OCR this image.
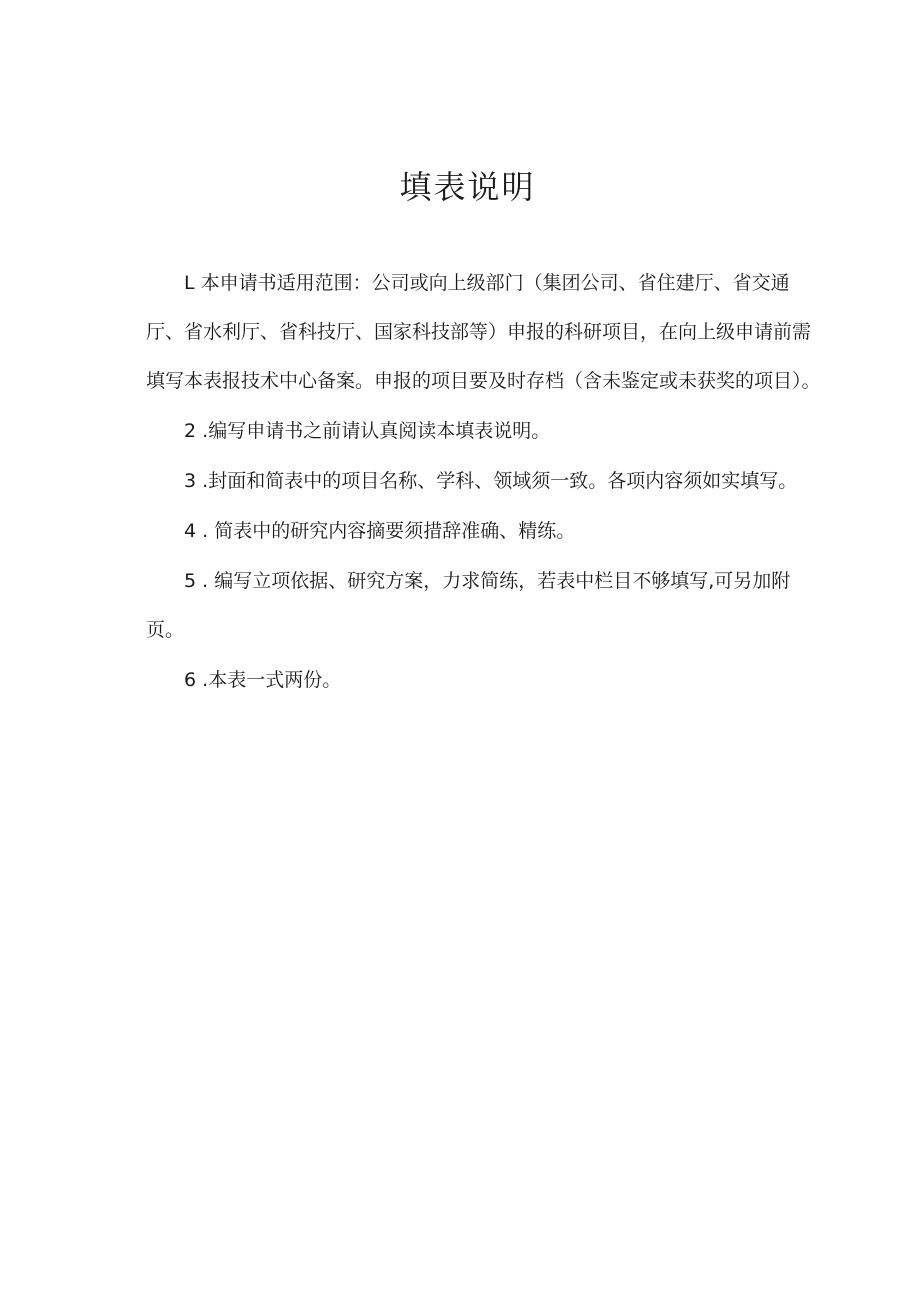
填表说明

L 本申请书适用范围：公司或向上级部门（集团公司、省住建厅、省交通厅、省水利厅、省科技厅、国家科技部等）申报的科研项目，在向上级申请前需填写本表报技术中心备案。申报的项目要及时存档（含未鉴定或未获奖的项目）。

2 .编写申请书之前请认真阅读本填表说明。

3 .封面和简表中的项目名称、学科、领域须一致。各项内容须如实填写。

4 . 简表中的研究内容摘要须措辞准确、精练。

5 . 编写立项依据、研究方案，力求简练，若表中栏目不够填写,可另加附页。

6 .本表一式两份。
